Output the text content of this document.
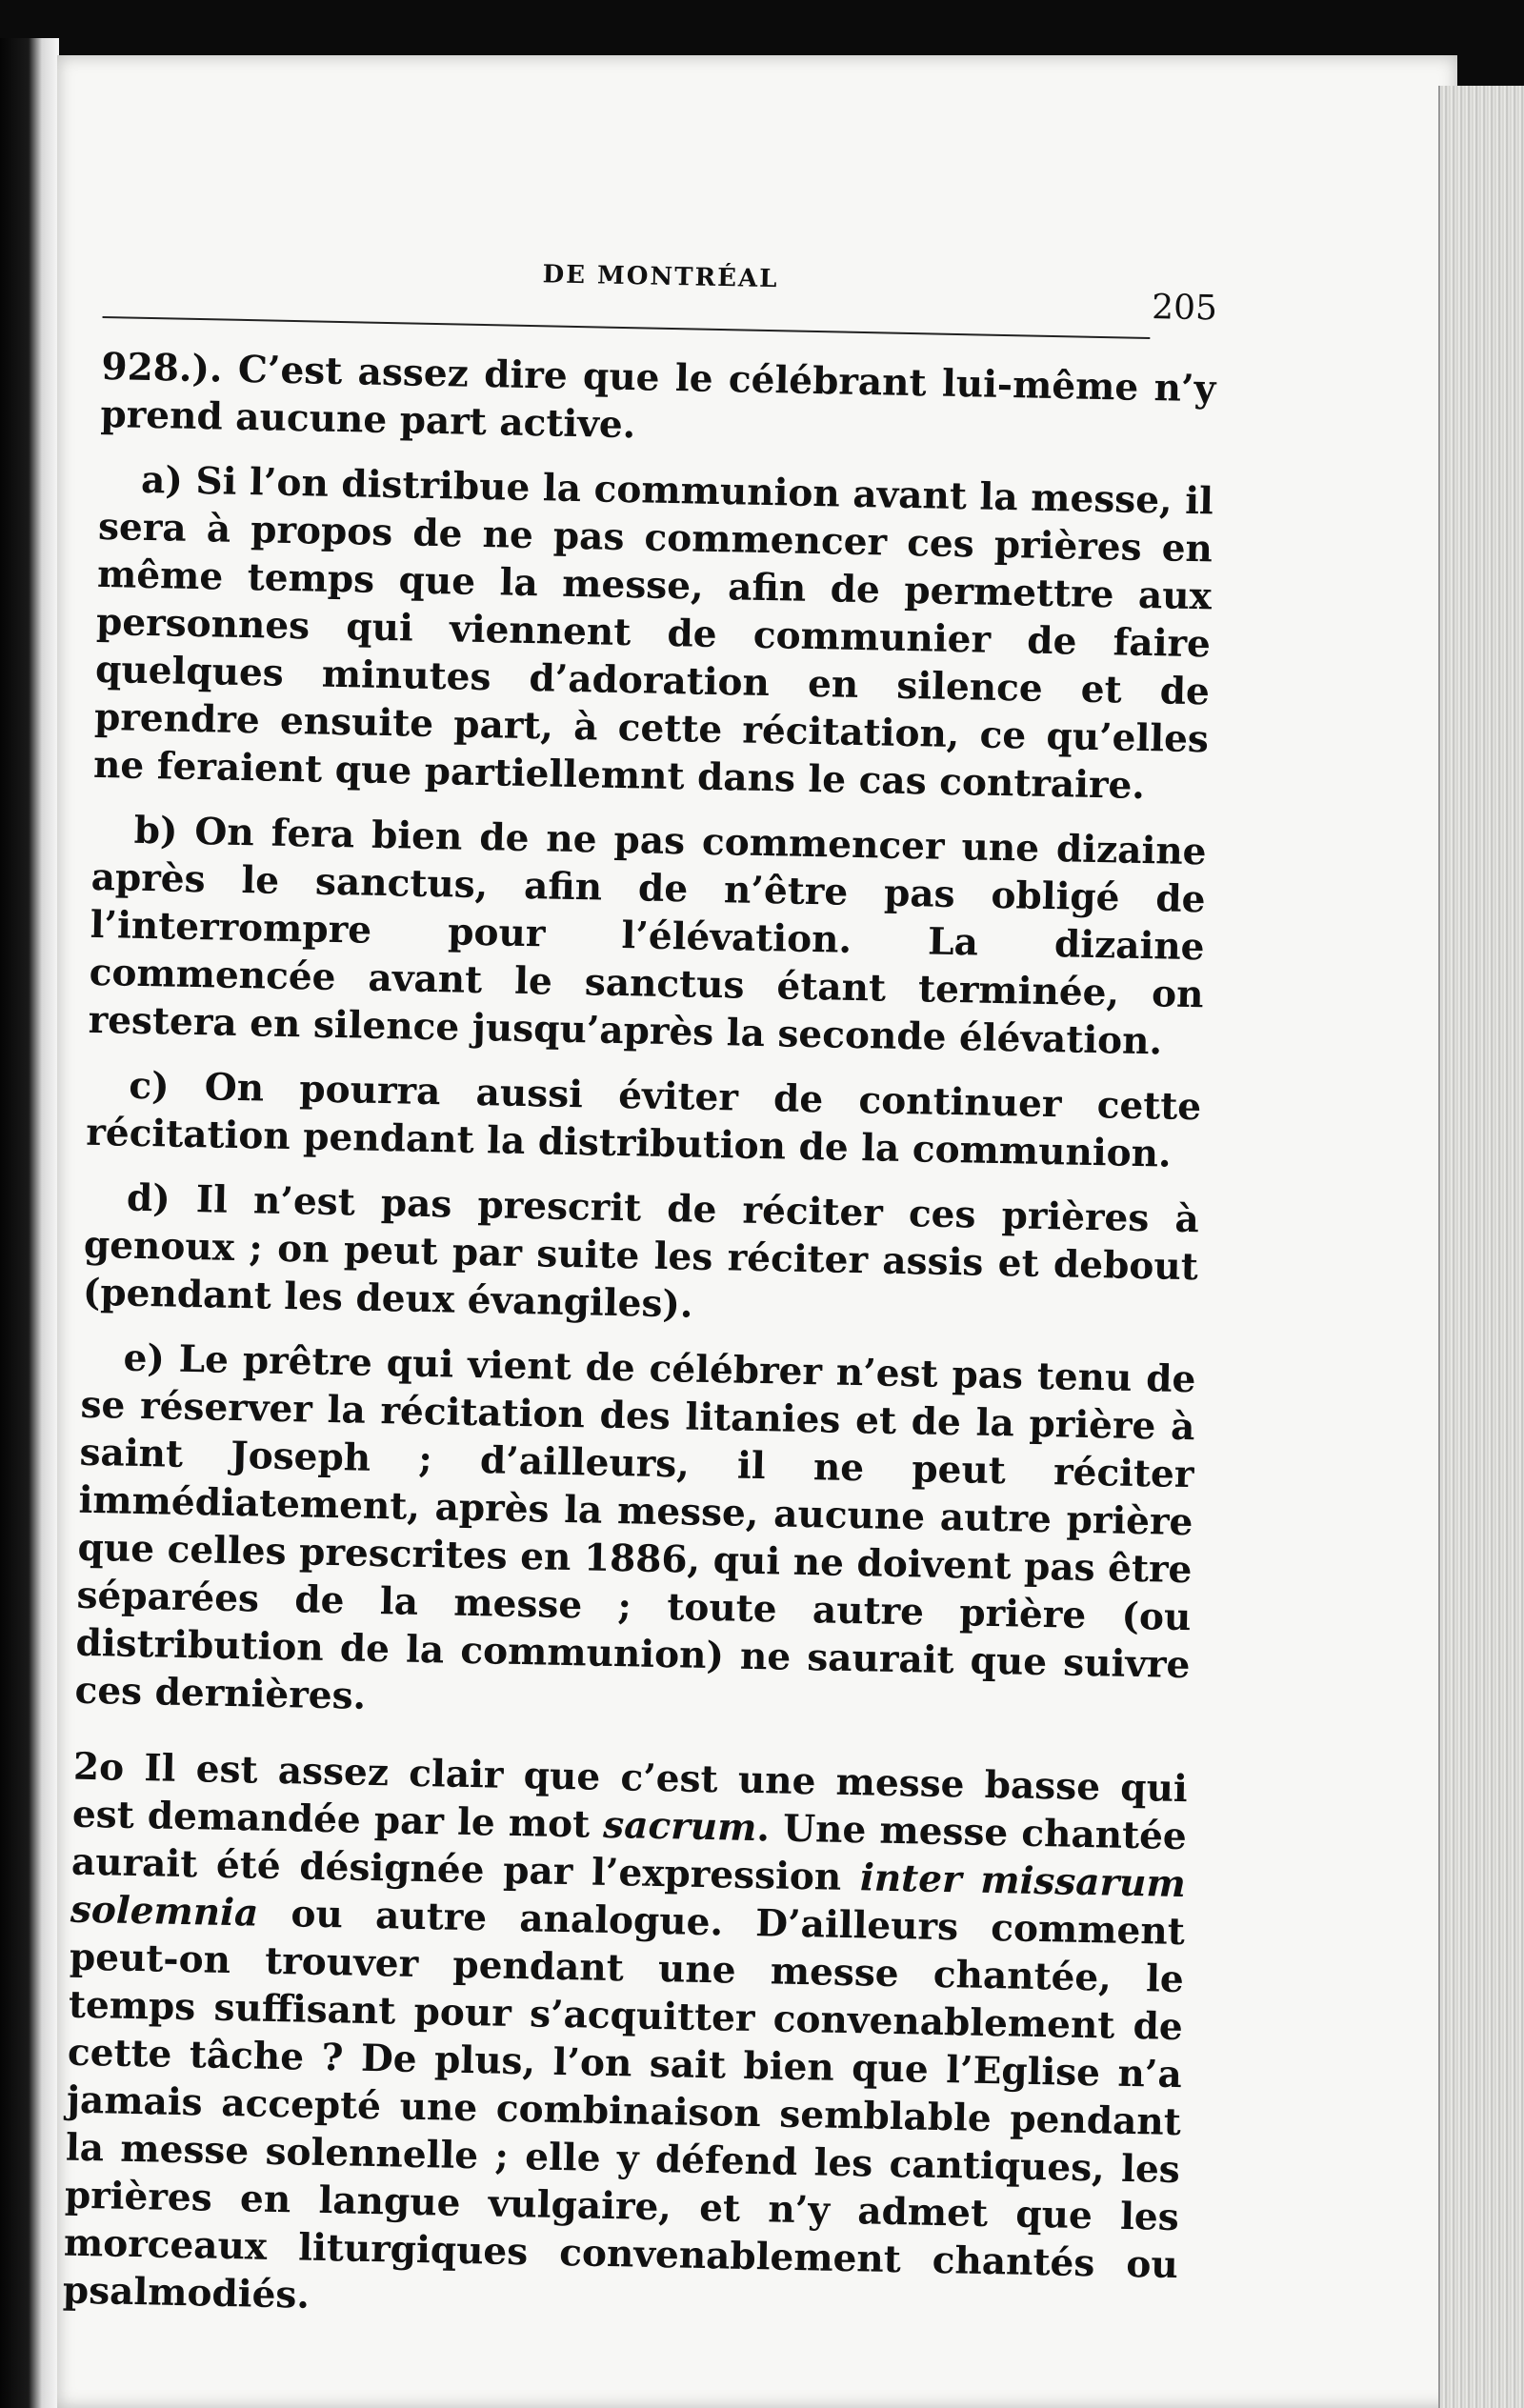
DE MONTRÉAL
205

928.). C’est assez dire que le célébrant lui-même n’y prend aucune part active.

a) Si l’on distribue la communion avant la messe, il sera à propos de ne pas commencer ces prières en même temps que la messe, afin de permettre aux personnes qui viennent de communier de faire quelques minutes d’adoration en silence et de prendre ensuite part, à cette récitation, ce qu’elles ne feraient que partiellemnt dans le cas contraire.

b) On fera bien de ne pas commencer une dizaine après le sanctus, afin de n’être pas obligé de l’interrompre pour l’élévation. La dizaine commencée avant le sanctus étant terminée, on restera en silence jusqu’après la seconde élévation.

c) On pourra aussi éviter de continuer cette récitation pendant la distribution de la communion.

d) Il n’est pas prescrit de réciter ces prières à genoux ; on peut par suite les réciter assis et debout (pendant les deux évangiles).

e) Le prêtre qui vient de célébrer n’est pas tenu de se réserver la récitation des litanies et de la prière à saint Joseph ; d’ailleurs, il ne peut réciter immédiatement, après la messe, aucune autre prière que celles prescrites en 1886, qui ne doivent pas être séparées de la messe ; toute autre prière (ou distribution de la communion) ne saurait que suivre ces dernières.

2o Il est assez clair que c’est une messe basse qui est demandée par le mot sacrum. Une messe chantée aurait été désignée par l’expression inter missarum solemnia ou autre analogue. D’ailleurs comment peut-on trouver pendant une messe chantée, le temps suffisant pour s’acquitter convenablement de cette tâche ? De plus, l’on sait bien que l’Eglise n’a jamais accepté une combinaison semblable pendant la messe solennelle ; elle y défend les cantiques, les prières en langue vulgaire, et n’y admet que les morceaux liturgiques convenablement chantés ou psalmodiés.
